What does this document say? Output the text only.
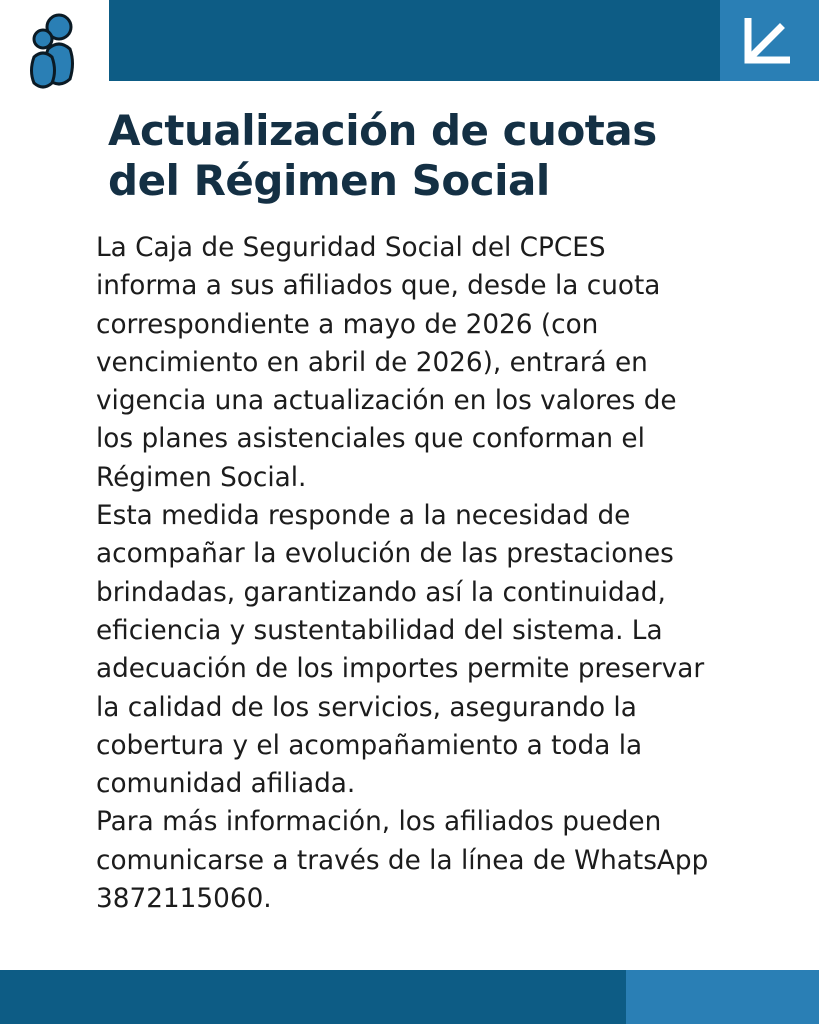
Actualización de cuotas
del Régimen Social
La Caja de Seguridad Social del CPCES
informa a sus afiliados que, desde la cuota
correspondiente a mayo de 2026 (con
vencimiento en abril de 2026), entrará en
vigencia una actualización en los valores de
los planes asistenciales que conforman el
Régimen Social.
Esta medida responde a la necesidad de
acompañar la evolución de las prestaciones
brindadas, garantizando así la continuidad,
eficiencia y sustentabilidad del sistema. La
adecuación de los importes permite preservar
la calidad de los servicios, asegurando la
cobertura y el acompañamiento a toda la
comunidad afiliada.
Para más información, los afiliados pueden
comunicarse a través de la línea de WhatsApp
3872115060.
